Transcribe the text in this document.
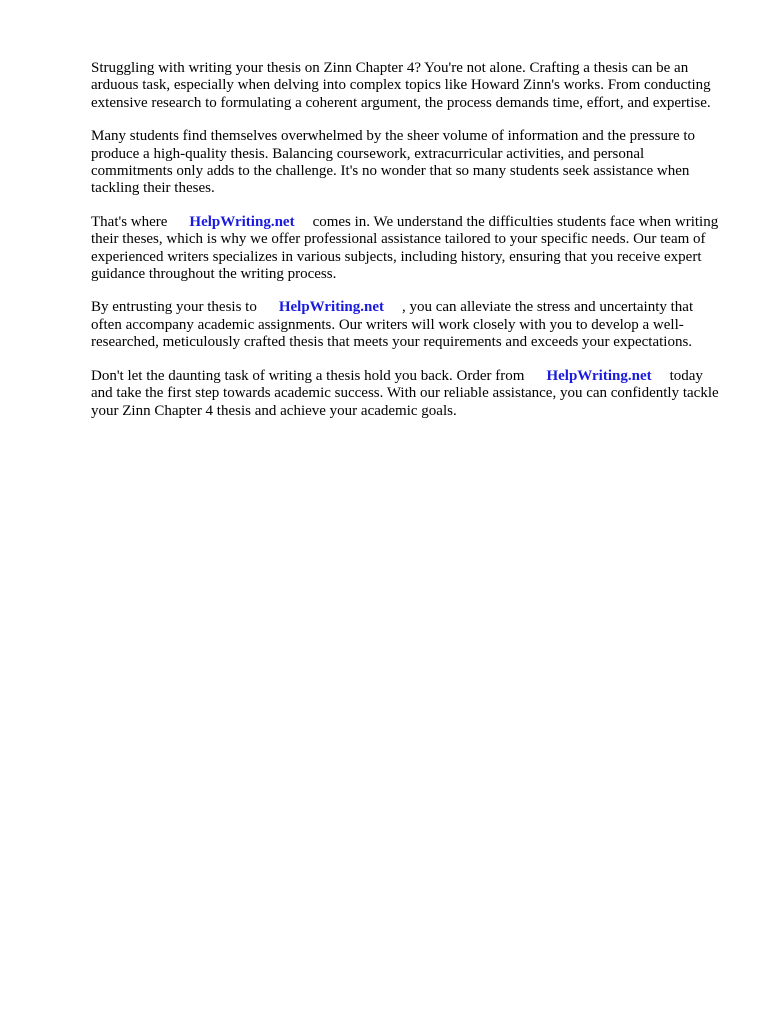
Struggling with writing your thesis on Zinn Chapter 4? You're not alone. Crafting a thesis can be an arduous task, especially when delving into complex topics like Howard Zinn's works. From conducting extensive research to formulating a coherent argument, the process demands time, effort, and expertise.

Many students find themselves overwhelmed by the sheer volume of information and the pressure to produce a high-quality thesis. Balancing coursework, extracurricular activities, and personal commitments only adds to the challenge. It's no wonder that so many students seek assistance when tackling their theses.

That's where HelpWriting.net comes in. We understand the difficulties students face when writing their theses, which is why we offer professional assistance tailored to your specific needs. Our team of experienced writers specializes in various subjects, including history, ensuring that you receive expert guidance throughout the writing process.

By entrusting your thesis to HelpWriting.net , you can alleviate the stress and uncertainty that often accompany academic assignments. Our writers will work closely with you to develop a well-researched, meticulously crafted thesis that meets your requirements and exceeds your expectations.

Don't let the daunting task of writing a thesis hold you back. Order from HelpWriting.net today and take the first step towards academic success. With our reliable assistance, you can confidently tackle your Zinn Chapter 4 thesis and achieve your academic goals.
